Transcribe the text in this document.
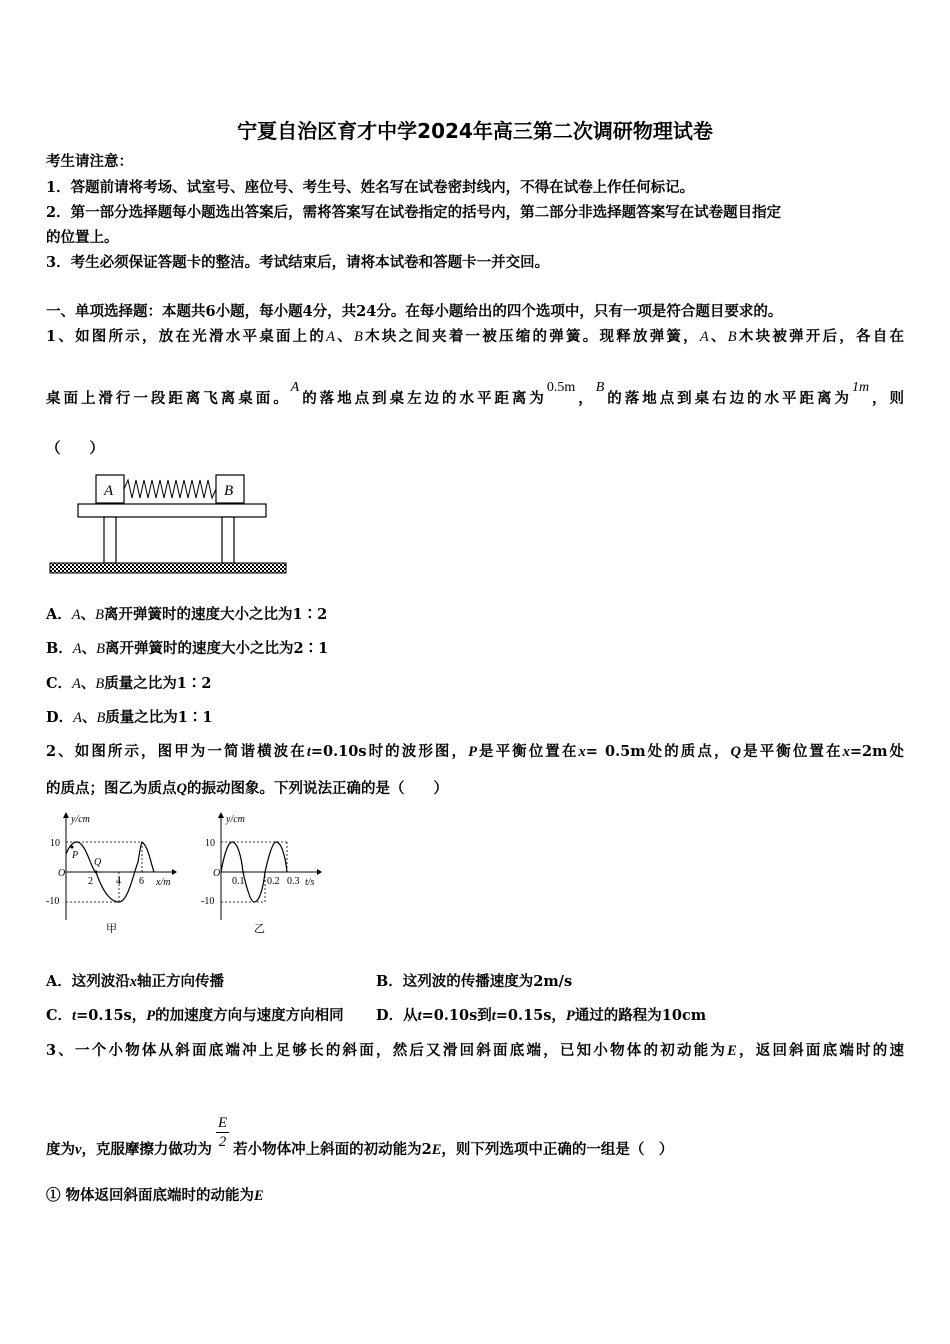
宁夏自治区育才中学2024年高三第二次调研物理试卷
考生请注意：
1．答题前请将考场、试室号、座位号、考生号、姓名写在试卷密封线内，不得在试卷上作任何标记。
2．第一部分选择题每小题选出答案后，需将答案写在试卷指定的括号内，第二部分非选择题答案写在试卷题目指定
的位置上。
3．考生必须保证答题卡的整洁。考试结束后，请将本试卷和答题卡一并交回。
一、单项选择题：本题共6小题，每小题4分，共24分。在每小题给出的四个选项中，只有一项是符合题目要求的。
1、如图所示，放在光滑水平桌面上的A、B木块之间夹着一被压缩的弹簧。现释放弹簧，A、B木块被弹开后，各自在
桌面上滑行一段距离飞离桌面。A的落地点到桌左边的水平距离为0.5m，B的落地点到桌右边的水平距离为1m，则
（　　）
A	B
A．A、B离开弹簧时的速度大小之比为1∶2
B．A、B离开弹簧时的速度大小之比为2∶1
C．A、B质量之比为1∶2
D．A、B质量之比为1∶1
2、如图所示，图甲为一简谐横波在t=0.10s时的波形图，P是平衡位置在x= 0.5m处的质点，Q是平衡位置在x=2m处
的质点；图乙为质点Q的振动图象。下列说法正确的是（　　）
y/cm
x/m
10
-10
O
P
Q
2 4 6
甲
y/cm
t/s
10
-10
O
0.1 0.2 0.3
乙
A．这列波沿x轴正方向传播	B．这列波的传播速度为2m/s
C．t=0.15s，P的加速度方向与速度方向相同 D．从t=0.10s到t=0.15s，P通过的路程为10cm
3、一个小物体从斜面底端冲上足够长的斜面，然后又滑回斜面底端，已知小物体的初动能为E，返回斜面底端时的速
度为v，克服摩擦力做功为 $\frac{E}{2}$ 若小物体冲上斜面的初动能为2E，则下列选项中正确的一组是（　）
① 物体返回斜面底端时的动能为E
